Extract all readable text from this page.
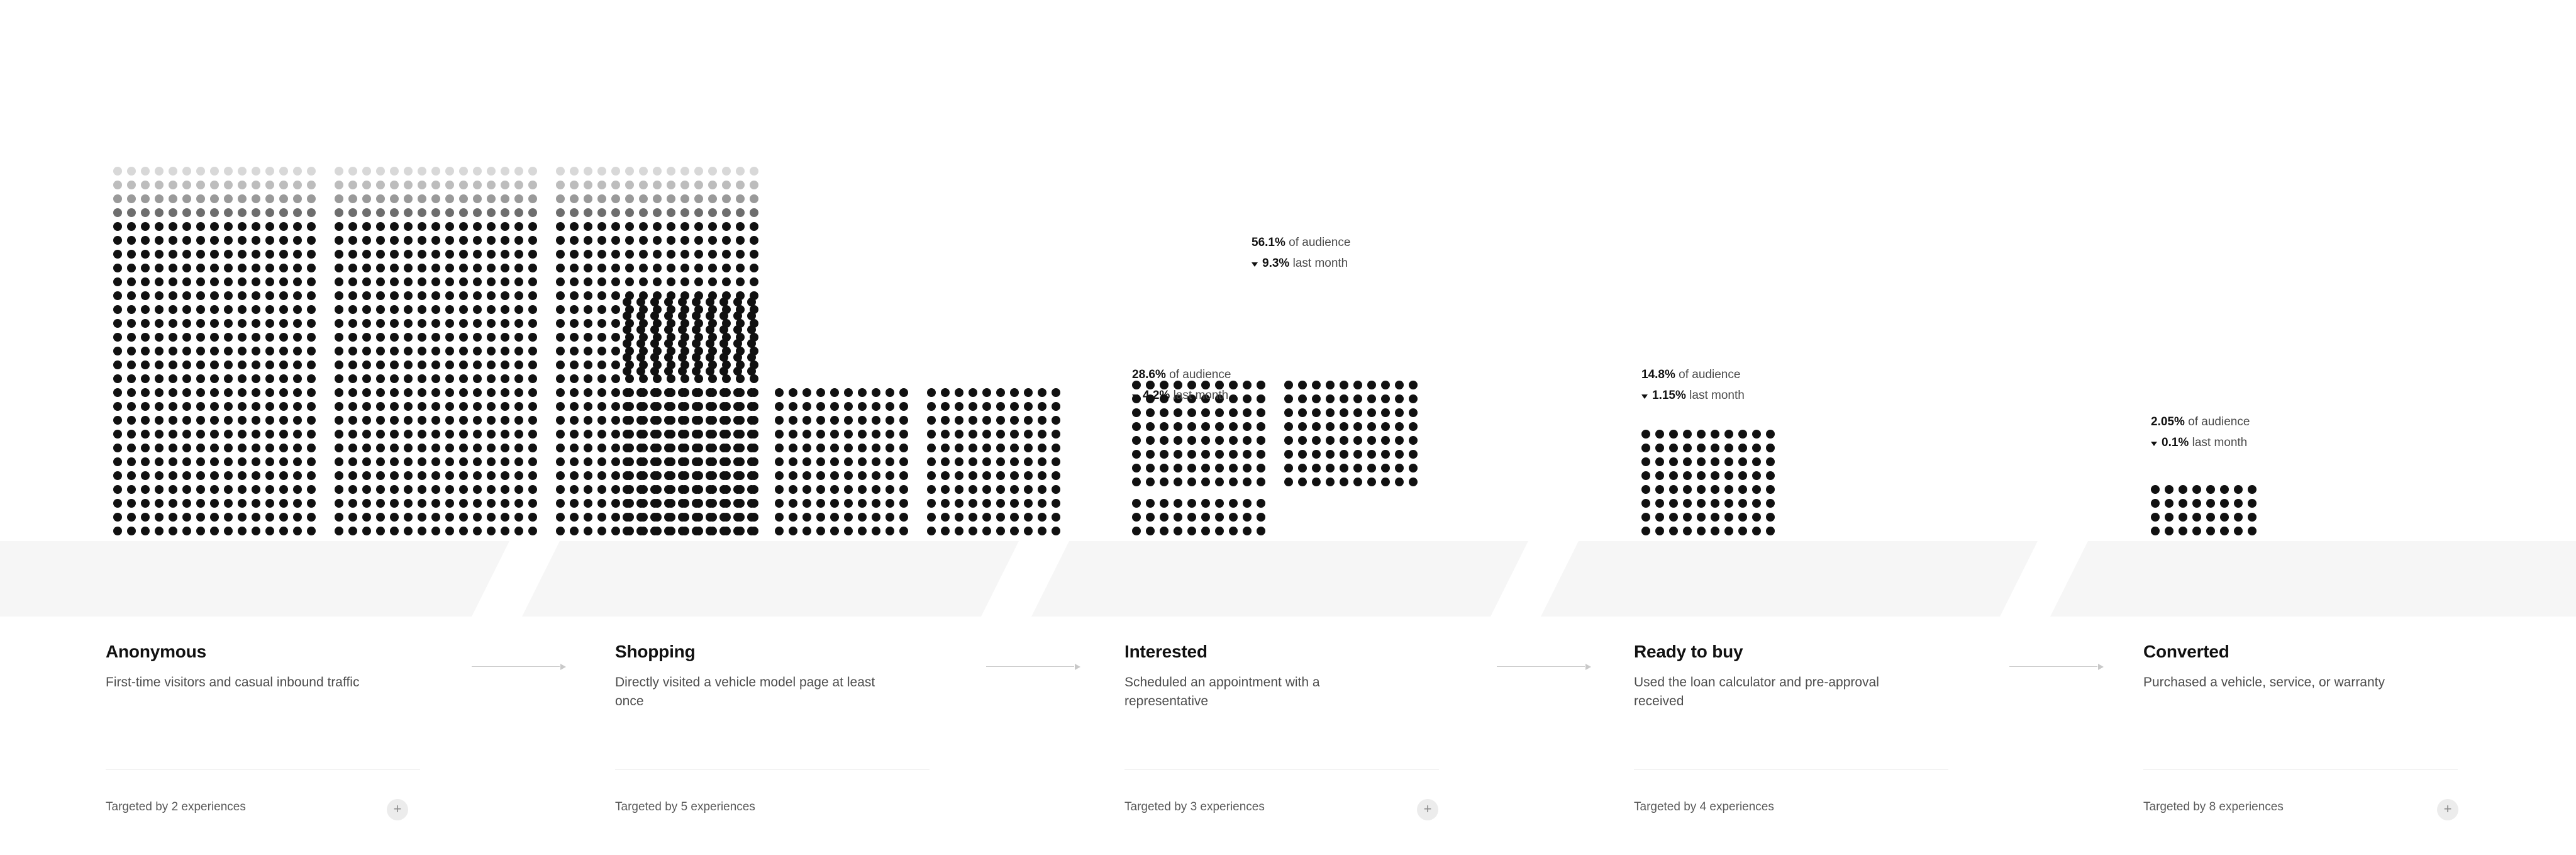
Anonymous
First-time visitors and casual inbound traffic
Targeted by 2 experiences	+
56.1% of audience
9.3%
last month
Shopping
Directly visited a vehicle model page at least once
Targeted by 5 experiences	+
28.6% of audience
4.2%
last month
Interested
Scheduled an appointment with a representative
Targeted by 3 experiences	+
14.8% of audience
1.15%
last month
Ready to buy
Used the loan calculator and pre-approval received
Targeted by 4 experiences
2.05% of audience
0.1%
last month
Converted
Purchased a vehicle, service, or warranty
Targeted by 8 experiences
